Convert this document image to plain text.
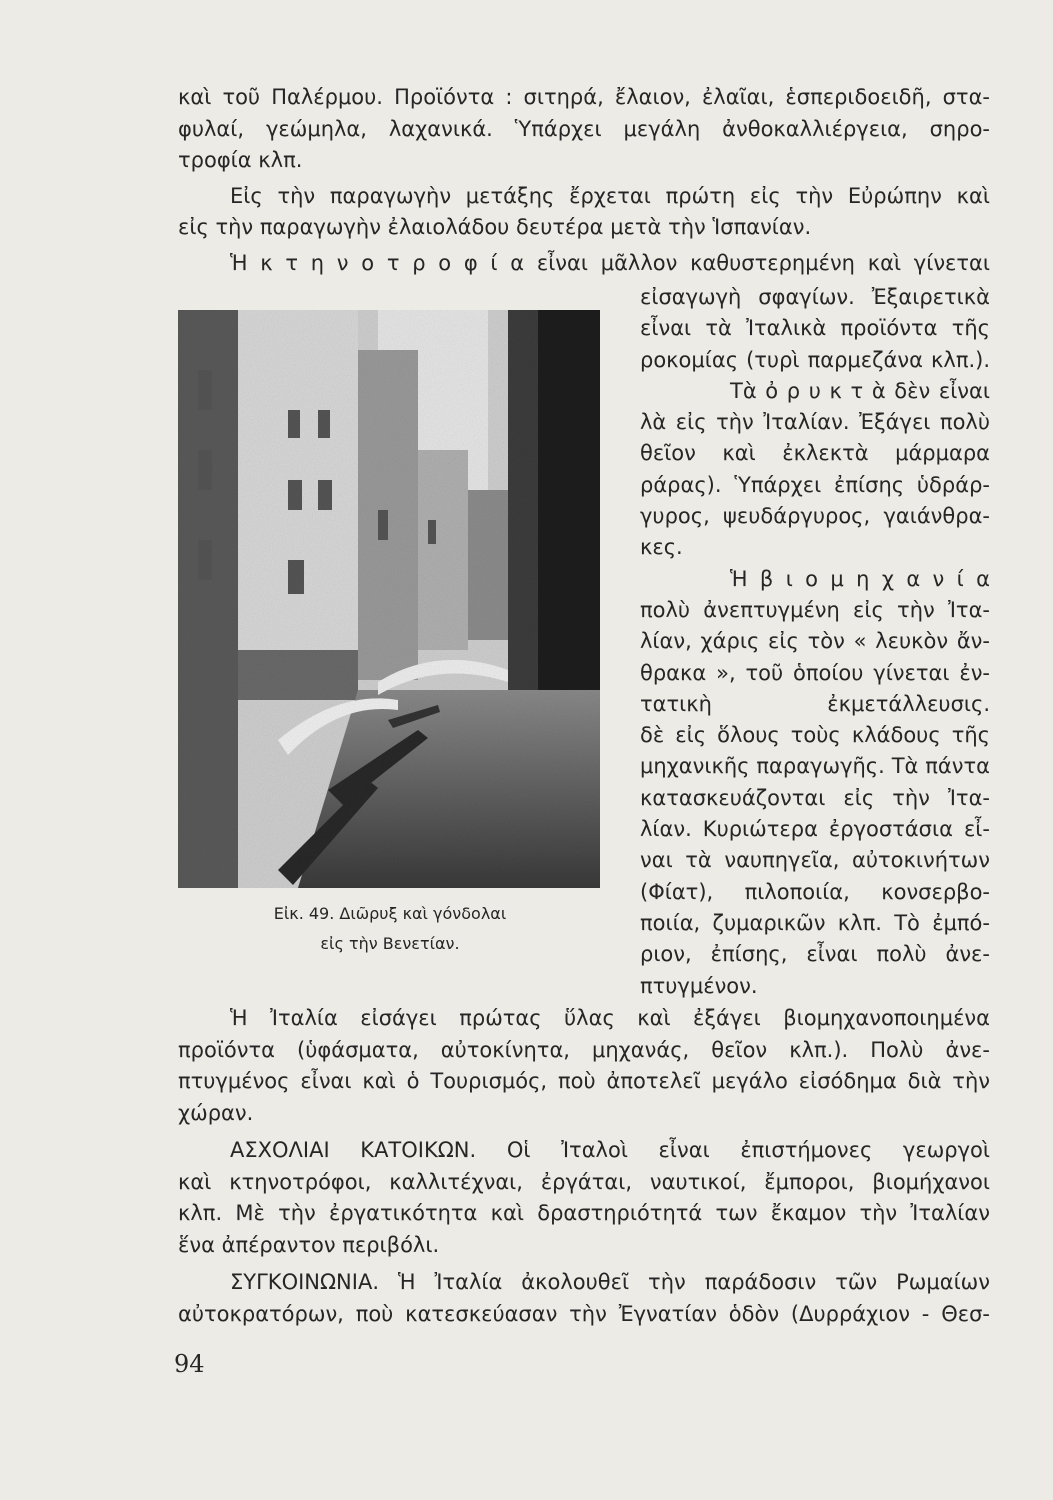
καὶ τοῦ Παλέρμου. Προϊόντα : σιτηρά, ἔλαιον, ἐλαῖαι, ἑσπεριδοειδῆ, στα-
φυλαί, γεώμηλα, λαχανικά. Ὑπάρχει μεγάλη ἀνθοκαλλιέργεια, σηρο-
τροφία κλπ.
Εἰς τὴν παραγωγὴν μετάξης ἔρχεται πρώτη εἰς τὴν Εὐρώπην καὶ
εἰς τὴν παραγωγὴν ἐλαιολάδου δευτέρα μετὰ τὴν Ἱσπανίαν.
Ἡ κ τ η ν ο τ ρ ο φ ί α εἶναι μᾶλλον καθυστερημένη καὶ γίνεται
εἰσαγωγὴ σφαγίων. Ἐξαιρετικὰ
εἶναι τὰ Ἰταλικὰ προϊόντα τῆς
ροκομίας (τυρὶ παρμεζάνα κλπ.).
Τὰ ὀ ρ υ κ τ ὰ δὲν εἶναι
λὰ εἰς τὴν Ἰταλίαν. Ἐξάγει πολὺ
θεῖον καὶ ἐκλεκτὰ μάρμαρα
ράρας). Ὑπάρχει ἐπίσης ὑδράρ-
γυρος, ψευδάργυρος, γαιάνθρα-
κες.
Ἡ β ι ο μ η χ α ν ί α
πολὺ ἀνεπτυγμένη εἰς τὴν Ἰτα-
λίαν, χάρις εἰς τὸν « λευκὸν ἄν-
θρακα », τοῦ ὁποίου γίνεται ἐν-
τατικὴ ἐκμετάλλευσις.
δὲ εἰς ὅλους τοὺς κλάδους τῆς
μηχανικῆς παραγωγῆς. Τὰ πάντα
κατασκευάζονται εἰς τὴν Ἰτα-
λίαν. Κυριώτερα ἐργοστάσια εἶ-
ναι τὰ ναυπηγεῖα, αὐτοκινήτων
(Φίατ), πιλοποιία, κονσερβο-
ποιία, ζυμαρικῶν κλπ. Τὸ ἐμπό-
ριον, ἐπίσης, εἶναι πολὺ ἀνε-
πτυγμένον.
Ἡ Ἰταλία εἰσάγει πρώτας ὕλας καὶ ἐξάγει βιομηχανοποιημένα
προϊόντα (ὑφάσματα, αὐτοκίνητα, μηχανάς, θεῖον κλπ.). Πολὺ ἀνε-
πτυγμένος εἶναι καὶ ὁ Τουρισμός, ποὺ ἀποτελεῖ μεγάλο εἰσόδημα διὰ τὴν
χώραν.
ΑΣΧΟΛΙΑΙ ΚΑΤΟΙΚΩΝ. Οἱ Ἰταλοὶ εἶναι ἐπιστήμονες γεωργοὶ
καὶ κτηνοτρόφοι, καλλιτέχναι, ἐργάται, ναυτικοί, ἔμποροι, βιομήχανοι
κλπ. Μὲ τὴν ἐργατικότητα καὶ δραστηριότητά των ἔκαμον τὴν Ἰταλίαν
ἕνα ἀπέραντον περιβόλι.
ΣΥΓΚΟΙΝΩΝΙΑ. Ἡ Ἰταλία ἀκολουθεῖ τὴν παράδοσιν τῶν Ρωμαίων
αὐτοκρατόρων, ποὺ κατεσκεύασαν τὴν Ἐγνατίαν ὁδὸν (Δυρράχιον - Θεσ-
Εἰκ. 49. Διῶρυξ καὶ γόνδολαι
εἰς τὴν Βενετίαν.
94
